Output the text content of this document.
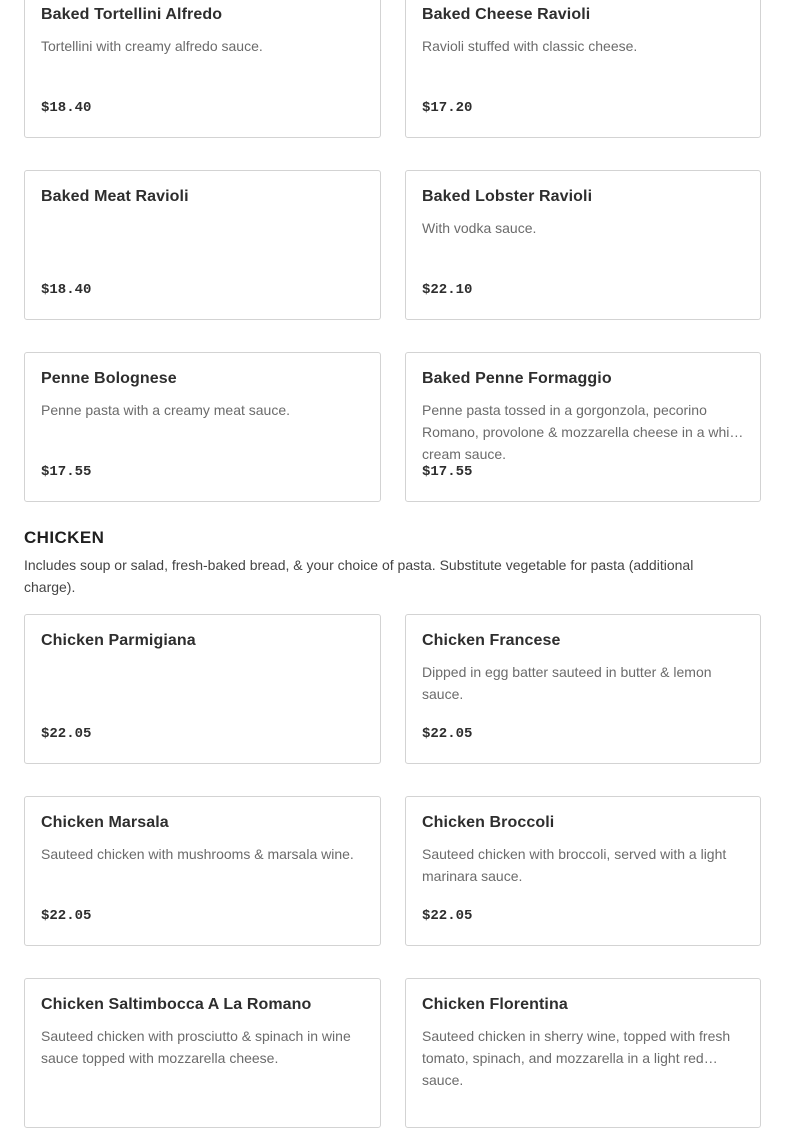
Baked Tortellini Alfredo
Tortellini with creamy alfredo sauce.
$18.40
Baked Cheese Ravioli
Ravioli stuffed with classic cheese.
$17.20
Baked Meat Ravioli
$18.40
Baked Lobster Ravioli
With vodka sauce.
$22.10
Penne Bolognese
Penne pasta with a creamy meat sauce.
$17.55
Baked Penne Formaggio
Penne pasta tossed in a gorgonzola, pecorino Romano, provolone & mozzarella cheese in a white cream sauce.
$17.55
CHICKEN
Includes soup or salad, fresh-baked bread, & your choice of pasta. Substitute vegetable for pasta (additional charge).
Chicken Parmigiana
$22.05
Chicken Francese
Dipped in egg batter sauteed in butter & lemon sauce.
$22.05
Chicken Marsala
Sauteed chicken with mushrooms & marsala wine.
$22.05
Chicken Broccoli
Sauteed chicken with broccoli, served with a light marinara sauce.
$22.05
Chicken Saltimbocca A La Romano
Sauteed chicken with prosciutto & spinach in wine sauce topped with mozzarella cheese.
Chicken Florentina
Sauteed chicken in sherry wine, topped with fresh tomato, spinach, and mozzarella in a light red sauce.
